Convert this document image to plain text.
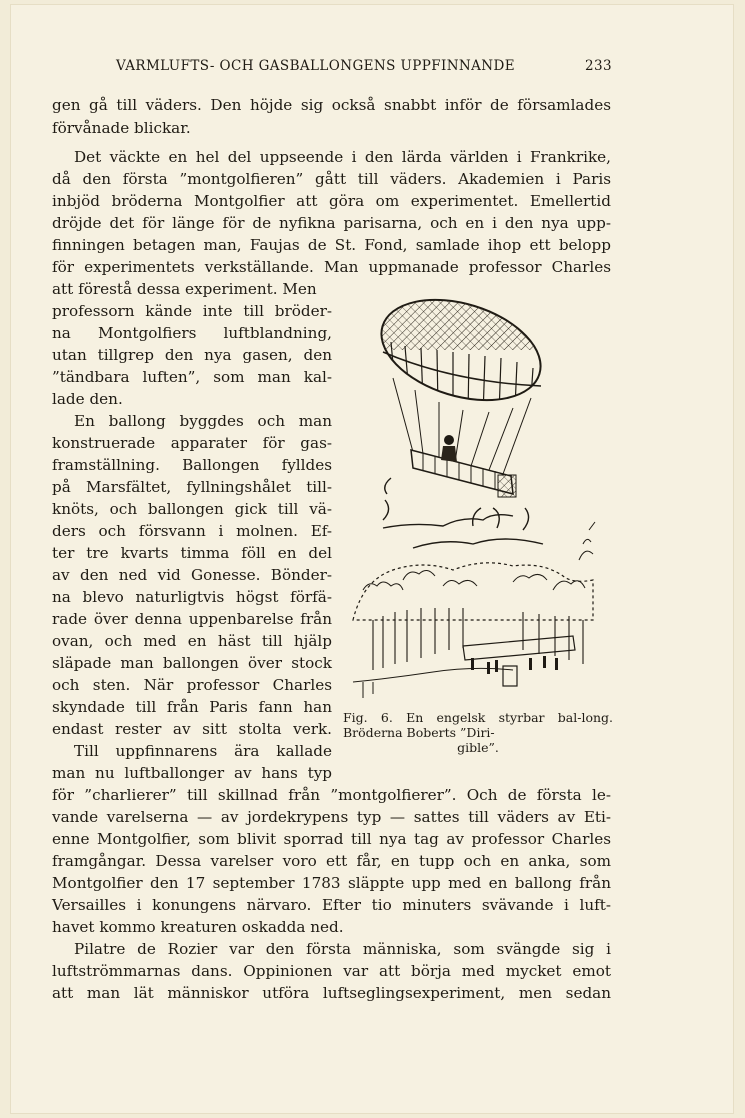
VARMLUFTS- OCH GASBALLONGENS UPPFINNANDE	233
gen gå till väders. Den höjde sig också snabbt inför de församlades
förvånade blickar.
Det väckte en hel del uppseende i den lärda världen i Frankrike,
då den första ”montgolfieren” gått till väders. Akademien i Paris
inbjöd bröderna Montgolfier att göra om experimentet. Emellertid
dröjde det för länge för de nyfikna parisarna, och en i den nya upp-
finningen betagen man, Faujas de St. Fond, samlade ihop ett belopp
för experimentets verkställande. Man uppmanade professor Charles
att förestå dessa experiment. Men
professorn kände inte till bröder-
na Montgolfiers luftblandning,
utan tillgrep den nya gasen, den
”tändbara luften”, som man kal-
lade den.
En ballong byggdes och man
konstruerade apparater för gas-
framställning. Ballongen fylldes
på Marsfältet, fyllningshålet till-
knöts, och ballongen gick till vä-
ders och försvann i molnen. Ef-
ter tre kvarts timma föll en del
av den ned vid Gonesse. Bönder-
na blevo naturligtvis högst förfä-
rade över denna uppenbarelse från
ovan, och med en häst till hjälp
släpade man ballongen över stock
och sten. När professor Charles
skyndade till från Paris fann han
endast rester av sitt stolta verk.
Till uppfinnarens ära kallade
man nu luftballonger av hans typ
för ”charlierer” till skillnad från ”montgolfierer”. Och de första le-
vande varelserna — av jordekrypens typ — sattes till väders av Eti-
enne Montgolfier, som blivit sporrad till nya tag av professor Charles
framgångar. Dessa varelser voro ett får, en tupp och en anka, som
Montgolfier den 17 september 1783 släppte upp med en ballong från
Versailles i konungens närvaro. Efter tio minuters svävande i luft-
havet kommo kreaturen oskadda ned.
Pilatre de Rozier var den första människa, som svängde sig i
luftströmmarnas dans. Oppinionen var att börja med mycket emot
att man lät människor utföra luftseglingsexperiment, men sedan
Fig. 6. En engelsk styrbar bal-long. Bröderna Boberts ”Diri-
gible”.
